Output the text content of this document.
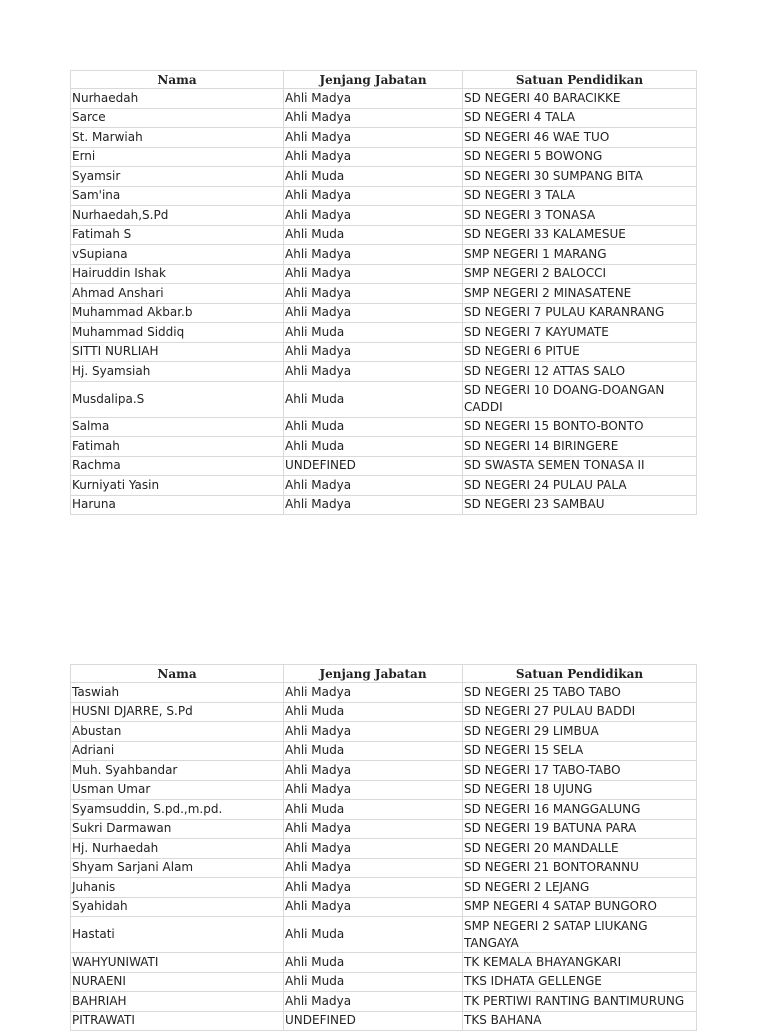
Nama	Jenjang Jabatan	Satuan Pendidikan
Nurhaedah	Ahli Madya	SD NEGERI 40 BARACIKKE
Sarce	Ahli Madya	SD NEGERI 4 TALA
St. Marwiah	Ahli Madya	SD NEGERI 46 WAE TUO
Erni	Ahli Madya	SD NEGERI 5 BOWONG
Syamsir	Ahli Muda	SD NEGERI 30 SUMPANG BITA
Sam'ina	Ahli Madya	SD NEGERI 3 TALA
Nurhaedah,S.Pd	Ahli Madya	SD NEGERI 3 TONASA
Fatimah S	Ahli Muda	SD NEGERI 33 KALAMESUE
vSupiana	Ahli Madya	SMP NEGERI 1 MARANG
Hairuddin Ishak	Ahli Madya	SMP NEGERI 2 BALOCCI
Ahmad Anshari	Ahli Madya	SMP NEGERI 2 MINASATENE
Muhammad Akbar.b	Ahli Madya	SD NEGERI 7 PULAU KARANRANG
Muhammad Siddiq	Ahli Muda	SD NEGERI 7 KAYUMATE
SITTI NURLIAH	Ahli Madya	SD NEGERI 6 PITUE
Hj. Syamsiah	Ahli Madya	SD NEGERI 12 ATTAS SALO
Musdalipa.S	Ahli Muda	SD NEGERI 10 DOANG-DOANGAN CADDI
Salma	Ahli Muda	SD NEGERI 15 BONTO-BONTO
Fatimah	Ahli Muda	SD NEGERI 14 BIRINGERE
Rachma	UNDEFINED	SD SWASTA SEMEN TONASA II
Kurniyati Yasin	Ahli Madya	SD NEGERI 24 PULAU PALA
Haruna	Ahli Madya	SD NEGERI 23 SAMBAU
Nama	Jenjang Jabatan	Satuan Pendidikan
Taswiah	Ahli Madya	SD NEGERI 25 TABO TABO
HUSNI DJARRE, S.Pd	Ahli Muda	SD NEGERI 27 PULAU BADDI
Abustan	Ahli Madya	SD NEGERI 29 LIMBUA
Adriani	Ahli Muda	SD NEGERI 15 SELA
Muh. Syahbandar	Ahli Madya	SD NEGERI 17 TABO-TABO
Usman Umar	Ahli Madya	SD NEGERI 18 UJUNG
Syamsuddin, S.pd.,m.pd.	Ahli Muda	SD NEGERI 16 MANGGALUNG
Sukri Darmawan	Ahli Madya	SD NEGERI 19 BATUNA PARA
Hj. Nurhaedah	Ahli Madya	SD NEGERI 20 MANDALLE
Shyam Sarjani Alam	Ahli Madya	SD NEGERI 21 BONTORANNU
Juhanis	Ahli Madya	SD NEGERI 2 LEJANG
Syahidah	Ahli Madya	SMP NEGERI 4 SATAP BUNGORO
Hastati	Ahli Muda	SMP NEGERI 2 SATAP LIUKANG TANGAYA
WAHYUNIWATI	Ahli Muda	TK KEMALA BHAYANGKARI
NURAENI	Ahli Muda	TKS IDHATA GELLENGE
BAHRIAH	Ahli Madya	TK PERTIWI RANTING BANTIMURUNG
PITRAWATI	UNDEFINED	TKS BAHANA
